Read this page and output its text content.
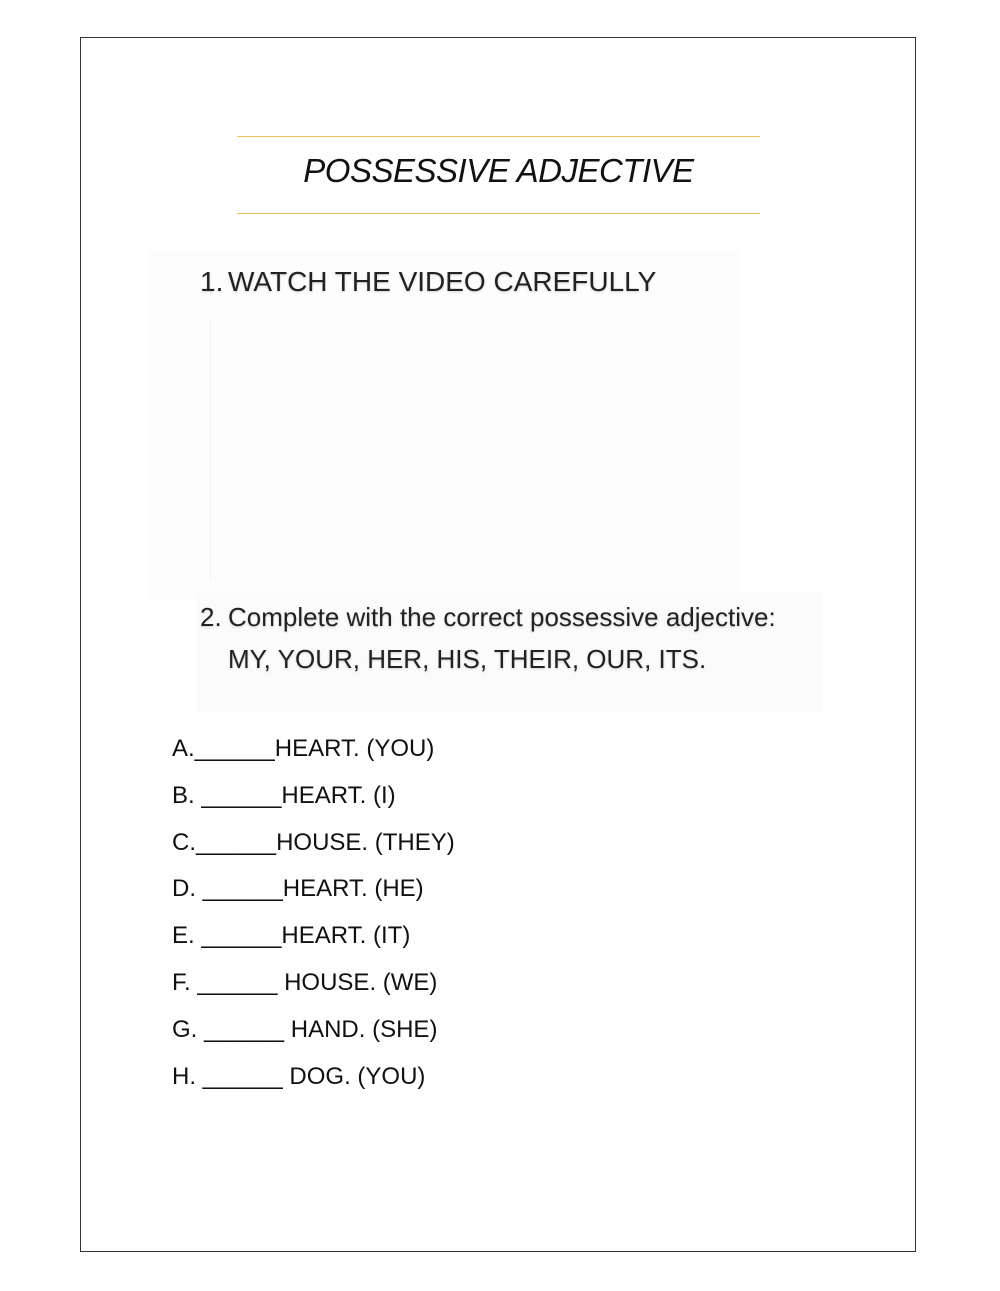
POSSESSIVE ADJECTIVE
1. WATCH THE VIDEO CAREFULLY
2. Complete with the correct possessive adjective: MY, YOUR, HER, HIS, THEIR, OUR, ITS.
A.______HEART. (YOU)
B. ______HEART. (I)
C.______HOUSE. (THEY)
D. ______HEART. (HE)
E. ______HEART. (IT)
F. ______ HOUSE. (WE)
G. ______ HAND. (SHE)
H. ______ DOG. (YOU)
